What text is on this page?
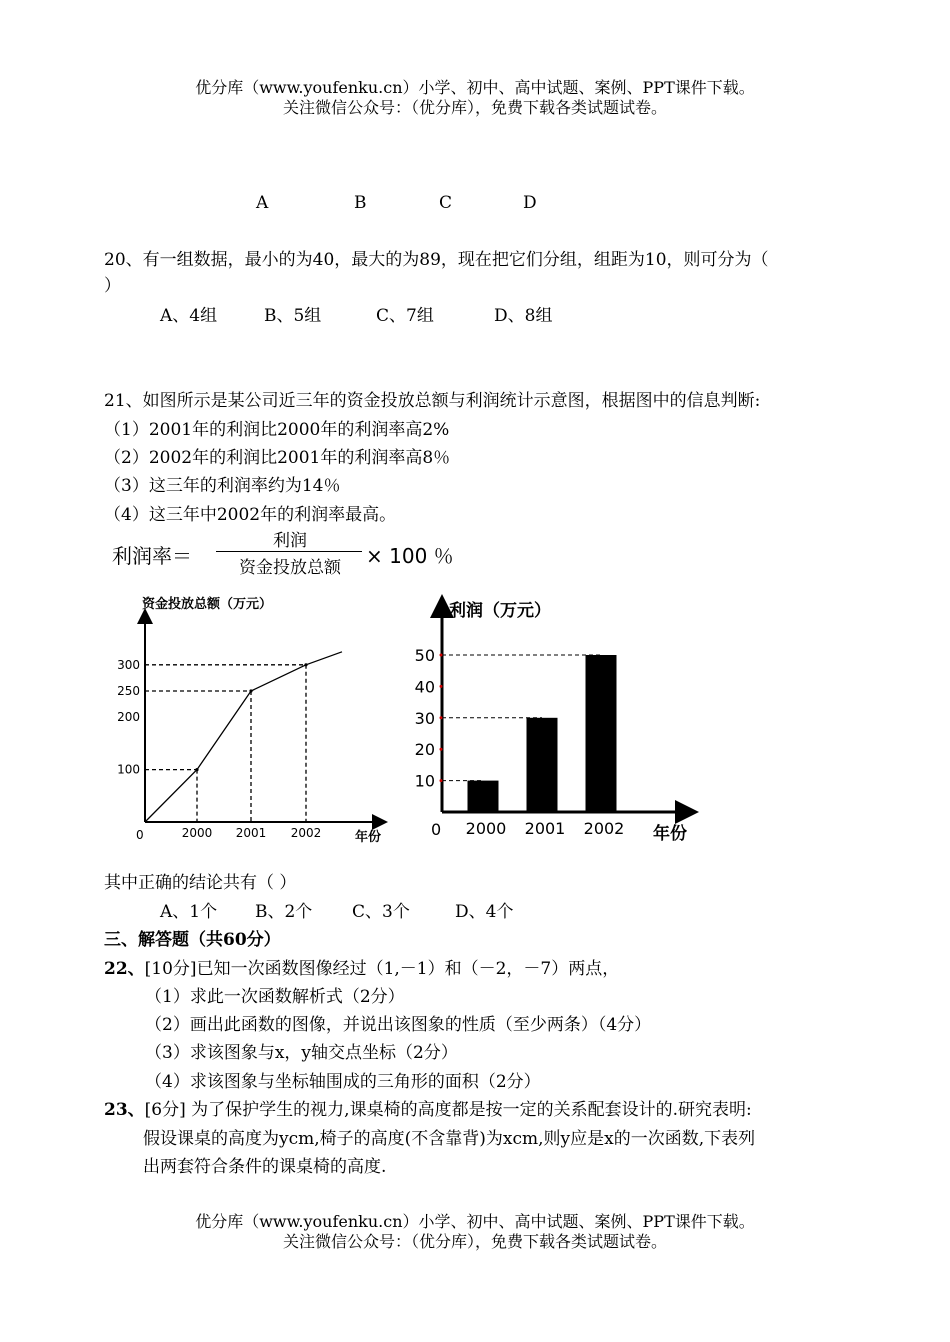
优分库（www.youfenku.cn）小学、初中、高中试题、案例、PPT课件下载。
关注微信公众号：（优分库），免费下载各类试题试卷。
A	B	C	D
20、有一组数据，最小的为40，最大的为89，现在把它们分组，组距为10，则可分为（
）
A、4组	B、5组	C、7组	D、8组
21、如图所示是某公司近三年的资金投放总额与利润统计示意图，根据图中的信息判断:
（1）2001年的利润比2000年的利润率高2%
（2）2002年的利润比2001年的利润率高8％
（3）这三年的利润率约为14％
（4）这三年中2002年的利润率最高。
利润率＝
利润
资金投放总额	× 100 ％
资金投放总额（万元）
100
200
250
300
2000 2001 2002
0	年份
利润（万元）
10
20
30
40
50
2000 2001 2002
0	年份
其中正确的结论共有（ ）
A、1个 B、2个 C、3个	D、4个
三、解答题（共60分）
22、[10分]已知一次函数图像经过（1,－1）和（－2，－7）两点，
（1）求此一次函数解析式（2分）
（2）画出此函数的图像，并说出该图象的性质（至少两条）（4分）
（3）求该图象与x，y轴交点坐标（2分）
（4）求该图象与坐标轴围成的三角形的面积（2分）
23、[6分] 为了保护学生的视力,课桌椅的高度都是按一定的关系配套设计的.研究表明:
假设课桌的高度为ycm,椅子的高度(不含靠背)为xcm,则y应是x的一次函数,下表列
出两套符合条件的课桌椅的高度.
优分库（www.youfenku.cn）小学、初中、高中试题、案例、PPT课件下载。
关注微信公众号：（优分库），免费下载各类试题试卷。
